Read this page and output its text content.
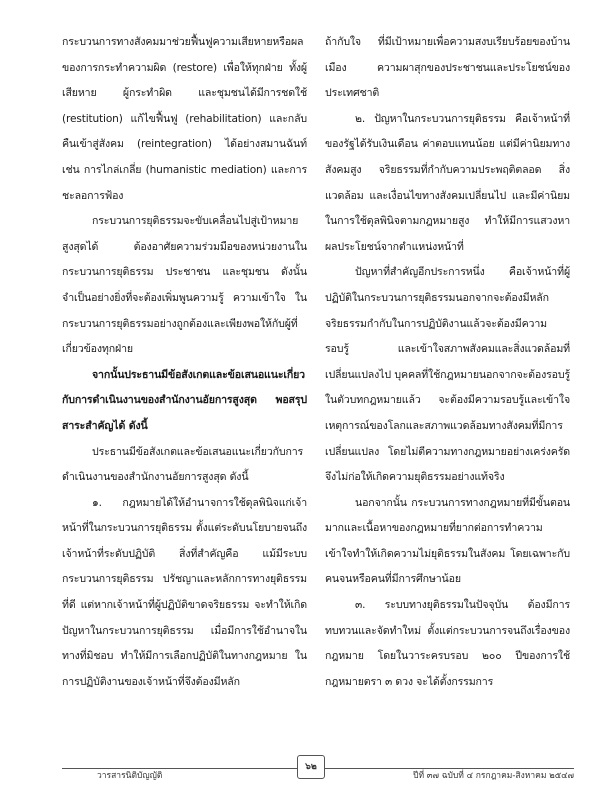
กระบวนการทางสังคมมาช่วยฟื้นฟูความเสียหายหรือผลของการกระทำความผิด (restore) เพื่อให้ทุกฝ่าย ทั้งผู้เสียหาย ผู้กระทำผิด และชุมชนได้มีการชดใช้ (restitution) แก้ไขฟื้นฟู (rehabilitation) และกลับคืนเข้าสู่สังคม (reintegration) ได้อย่างสมานฉันท์ เช่น การไกล่เกลี่ย (humanistic mediation) และการชะลอการฟ้อง

กระบวนการยุติธรรมจะขับเคลื่อนไปสู่เป้าหมายสูงสุดได้ ต้องอาศัยความร่วมมือของหน่วยงานในกระบวนการยุติธรรม ประชาชน และชุมชน ดังนั้น จำเป็นอย่างยิ่งที่จะต้องเพิ่มพูนความรู้ ความเข้าใจ ในกระบวนการยุติธรรมอย่างถูกต้องและเพียงพอให้กับผู้ที่เกี่ยวข้องทุกฝ่าย

จากนั้นประธานมีข้อสังเกตและข้อเสนอแนะเกี่ยวกับการดำเนินงานของสำนักงานอัยการสูงสุด พอสรุปสาระสำคัญได้ ดังนี้

ประธานมีข้อสังเกตและข้อเสนอแนะเกี่ยวกับการดำเนินงานของสำนักงานอัยการสูงสุด ดังนี้

๑. กฎหมายได้ให้อำนาจการใช้ดุลพินิจแก่เจ้าหน้าที่ในกระบวนการยุติธรรม ตั้งแต่ระดับนโยบายจนถึงเจ้าหน้าที่ระดับปฏิบัติ สิ่งที่สำคัญคือ แม้มีระบบกระบวนการยุติธรรม ปรัชญาและหลักการทางยุติธรรมที่ดี แต่หากเจ้าหน้าที่ผู้ปฏิบัติขาดจริยธรรม จะทำให้เกิดปัญหาในกระบวนการยุติธรรม เมื่อมีการใช้อำนาจในทางที่มิชอบ ทำให้มีการเลือกปฏิบัติในทางกฎหมาย ในการปฏิบัติงานของเจ้าหน้าที่จึงต้องมีหลัก

ถ้ากับใจ ที่มีเป้าหมายเพื่อความสงบเรียบร้อยของบ้านเมือง ความผาสุกของประชาชนและประโยชน์ของประเทศชาติ

๒. ปัญหาในกระบวนการยุติธรรม คือเจ้าหน้าที่ของรัฐได้รับเงินเดือน ค่าตอบแทนน้อย แต่มีค่านิยมทางสังคมสูง จริยธรรมที่กำกับความประพฤติตลอด สิ่งแวดล้อม และเงื่อนไขทางสังคมเปลี่ยนไป และมีค่านิยมในการใช้ดุลพินิจตามกฎหมายสูง ทำให้มีการแสวงหาผลประโยชน์จากตำแหน่งหน้าที่

ปัญหาที่สำคัญอีกประการหนึ่ง คือเจ้าหน้าที่ผู้ปฏิบัติในกระบวนการยุติธรรมนอกจากจะต้องมีหลักจริยธรรมกำกับในการปฏิบัติงานแล้วจะต้องมีความรอบรู้ และเข้าใจสภาพสังคมและสิ่งแวดล้อมที่เปลี่ยนแปลงไป บุคคลที่ใช้กฎหมายนอกจากจะต้องรอบรู้ในตัวบทกฎหมายแล้ว จะต้องมีความรอบรู้และเข้าใจเหตุการณ์ของโลกและสภาพแวดล้อมทางสังคมที่มีการเปลี่ยนแปลง โดยไม่ตีความทางกฎหมายอย่างเคร่งครัดจึงไม่ก่อให้เกิดความยุติธรรมอย่างแท้จริง

นอกจากนั้น กระบวนการทางกฎหมายที่มีขั้นตอนมากและเนื้อหาของกฎหมายที่ยากต่อการทำความเข้าใจทำให้เกิดความไม่ยุติธรรมในสังคม โดยเฉพาะกับคนจนหรือคนที่มีการศึกษาน้อย

๓. ระบบทางยุติธรรมในปัจจุบัน ต้องมีการทบทวนและจัดทำใหม่ ตั้งแต่กระบวนการจนถึงเรื่องของกฎหมาย โดยในวาระครบรอบ ๒๐๐ ปีของการใช้กฎหมายตรา ๓ ดวง จะได้ตั้งกรรมการ

๖๒
วารสารนิติบัญญัติ	ปีที่ ๓๗ ฉบับที่ ๔ กรกฎาคม-สิงหาคม ๒๕๔๗
